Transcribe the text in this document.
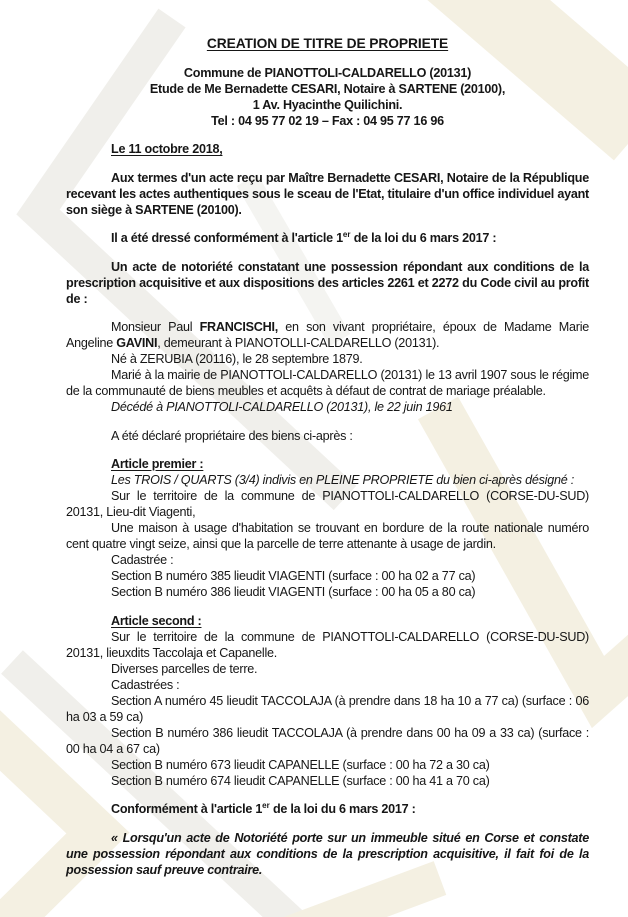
CREATION DE TITRE DE PROPRIETE

Commune de PIANOTTOLI-CALDARELLO (20131)

Etude de Me Bernadette CESARI, Notaire à SARTENE (20100),

1 Av. Hyacinthe Quilichini.

Tel : 04 95 77 02 19 – Fax : 04 95 77 16 96

Le 11 octobre 2018,

Aux termes d'un acte reçu par Maître Bernadette CESARI, Notaire de la République recevant les actes authentiques sous le sceau de l'Etat, titulaire d'un office individuel ayant son siège à SARTENE (20100).

Il a été dressé conformément à l'article 1er de la loi du 6 mars 2017 :

Un acte de notoriété constatant une possession répondant aux conditions de la prescription acquisitive et aux dispositions des articles 2261 et 2272 du Code civil au profit de :

Monsieur Paul FRANCISCHI, en son vivant propriétaire, époux de Madame Marie Angeline GAVINI, demeurant à PIANOTOLLI-CALDARELLO (20131).

Né à ZERUBIA (20116), le 28 septembre 1879.

Marié à la mairie de PIANOTTOLI-CALDARELLO (20131) le 13 avril 1907 sous le régime de la communauté de biens meubles et acquêts à défaut de contrat de mariage préalable.

Décédé à PIANOTTOLI-CALDARELLO (20131), le 22 juin 1961

A été déclaré propriétaire des biens ci-après :

Article premier :

Les TROIS / QUARTS (3/4) indivis en PLEINE PROPRIETE du bien ci-après désigné :

Sur le territoire de la commune de PIANOTTOLI-CALDARELLO (CORSE-DU-SUD) 20131, Lieu-dit Viagenti,

Une maison à usage d'habitation se trouvant en bordure de la route nationale numéro cent quatre vingt seize, ainsi que la parcelle de terre attenante à usage de jardin.

Cadastrée :

Section B numéro 385 lieudit VIAGENTI (surface : 00 ha 02 a 77 ca)

Section B numéro 386 lieudit VIAGENTI (surface : 00 ha 05 a 80 ca)

Article second :

Sur le territoire de la commune de PIANOTTOLI-CALDARELLO (CORSE-DU-SUD) 20131, lieuxdits Taccolaja et Capanelle.

Diverses parcelles de terre.

Cadastrées :

Section A numéro 45 lieudit TACCOLAJA (à prendre dans 18 ha 10 a 77 ca) (surface : 06 ha 03 a 59 ca)

Section B numéro 386 lieudit TACCOLAJA (à prendre dans 00 ha 09 a 33 ca) (surface : 00 ha 04 a 67 ca)

Section B numéro 673 lieudit CAPANELLE (surface : 00 ha 72 a 30 ca)

Section B numéro 674 lieudit CAPANELLE (surface : 00 ha 41 a 70 ca)

Conformément à l'article 1er de la loi du 6 mars 2017 :

« Lorsqu'un acte de Notoriété porte sur un immeuble situé en Corse et constate une possession répondant aux conditions de la prescription acquisitive, il fait foi de la possession sauf preuve contraire.
